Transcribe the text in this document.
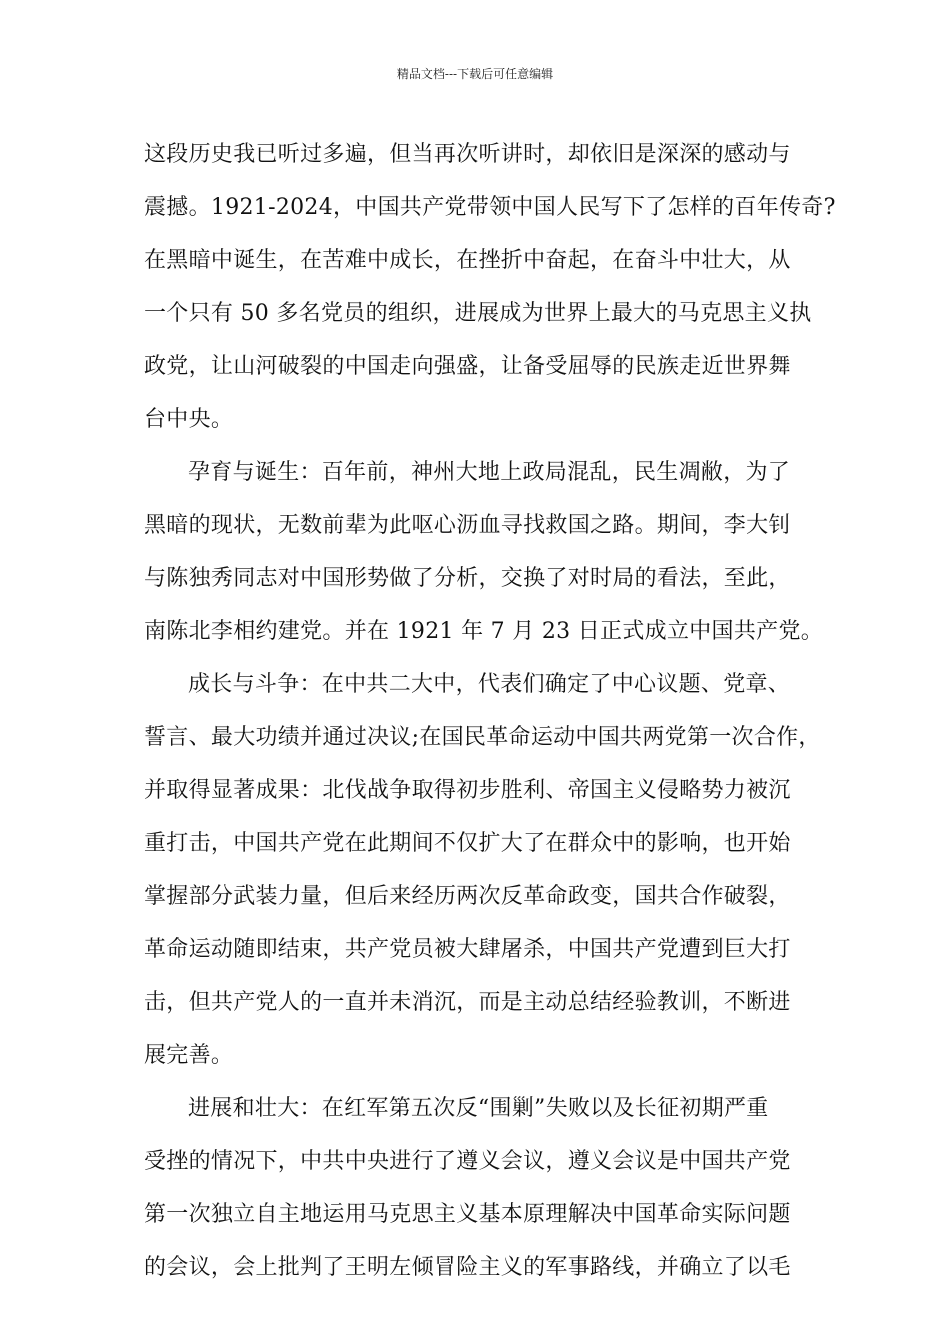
精品文档---下载后可任意编辑
这段历史我已听过多遍，但当再次听讲时，却依旧是深深的感动与
震撼。1921-2024，中国共产党带领中国人民写下了怎样的百年传奇?
在黑暗中诞生，在苦难中成长，在挫折中奋起，在奋斗中壮大，从
一个只有 50 多名党员的组织，进展成为世界上最大的马克思主义执
政党，让山河破裂的中国走向强盛，让备受屈辱的民族走近世界舞
台中央。
孕育与诞生：百年前，神州大地上政局混乱，民生凋敝，为了
黑暗的现状，无数前辈为此呕心沥血寻找救国之路。期间，李大钊
与陈独秀同志对中国形势做了分析，交换了对时局的看法，至此，
南陈北李相约建党。并在 1921 年 7 月 23 日正式成立中国共产党。
成长与斗争：在中共二大中，代表们确定了中心议题、党章、
誓言、最大功绩并通过决议;在国民革命运动中国共两党第一次合作，
并取得显著成果：北伐战争取得初步胜利、帝国主义侵略势力被沉
重打击，中国共产党在此期间不仅扩大了在群众中的影响，也开始
掌握部分武装力量，但后来经历两次反革命政变，国共合作破裂，
革命运动随即结束，共产党员被大肆屠杀，中国共产党遭到巨大打
击，但共产党人的一直并未消沉，而是主动总结经验教训，不断进
展完善。
进展和壮大：在红军第五次反“围剿”失败以及长征初期严重
受挫的情况下，中共中央进行了遵义会议，遵义会议是中国共产党
第一次独立自主地运用马克思主义基本原理解决中国革命实际问题
的会议，会上批判了王明左倾冒险主义的军事路线，并确立了以毛
